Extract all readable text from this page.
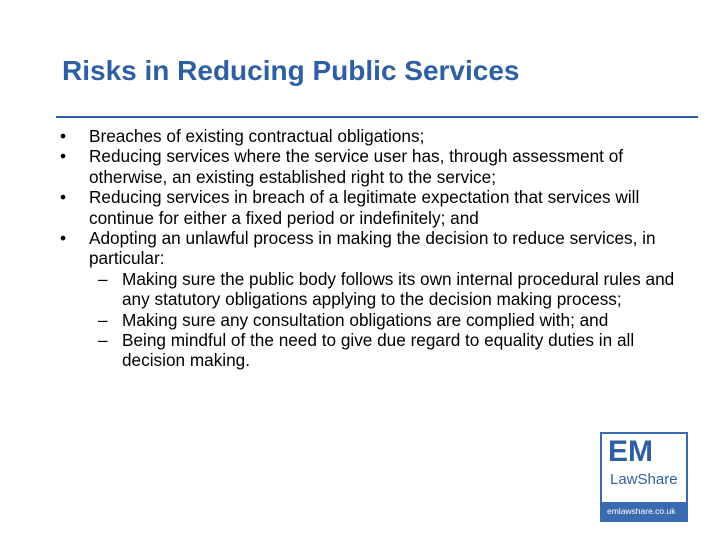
Risks in Reducing Public Services
• Breaches of existing contractual obligations;
• Reducing services where the service user has, through assessment of otherwise, an existing established right to the service;
• Reducing services in breach of a legitimate expectation that services will continue for either a fixed period or indefinitely; and
• Adopting an unlawful process in making the decision to reduce services, in particular:
– Making sure the public body follows its own internal procedural rules and any statutory obligations applying to the decision making process;
– Making sure any consultation obligations are complied with; and
– Being mindful of the need to give due regard to equality duties in all decision making.
EM
LawShare
emlawshare.co.uk
